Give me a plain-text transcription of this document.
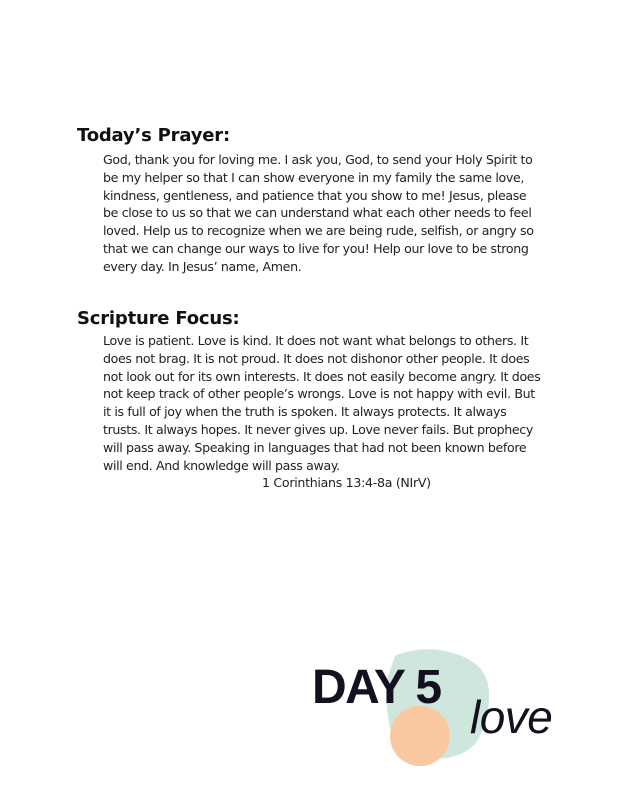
Today’s Prayer:

God, thank you for loving me. I ask you, God, to send your Holy Spirit to be my helper so that I can show everyone in my family the same love, kindness, gentleness, and patience that you show to me! Jesus, please be close to us so that we can understand what each other needs to feel loved. Help us to recognize when we are being rude, selfish, or angry so that we can change our ways to live for you! Help our love to be strong every day. In Jesus’ name, Amen.

Scripture Focus:

Love is patient. Love is kind. It does not want what belongs to others. It does not brag. It is not proud. It does not dishonor other people. It does not look out for its own interests. It does not easily become angry. It does not keep track of other people’s wrongs. Love is not happy with evil. But it is full of joy when the truth is spoken. It always protects. It always trusts. It always hopes. It never gives up. Love never fails. But prophecy will pass away. Speaking in languages that had not been known before will end. And knowledge will pass away.

1 Corinthians 13:4-8a (NIrV)

DAY 5
love
